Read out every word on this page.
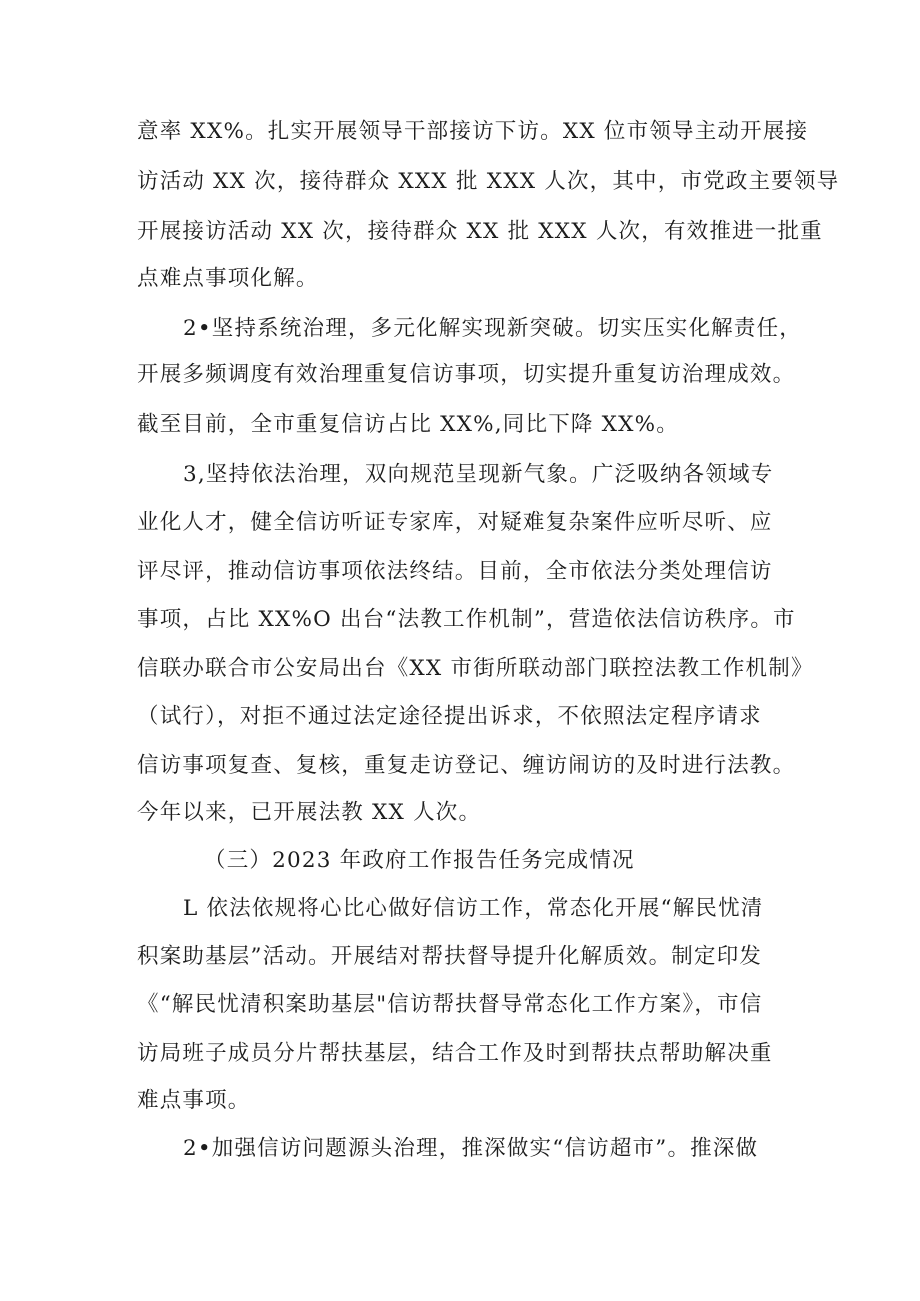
意率 XX%。扎实开展领导干部接访下访。XX 位市领导主动开展接
访活动 XX 次，接待群众 XXX 批 XXX 人次，其中，市党政主要领导
开展接访活动 XX 次，接待群众 XX 批 XXX 人次，有效推进一批重
点难点事项化解。
2•坚持系统治理，多元化解实现新突破。切实压实化解责任，
开展多频调度有效治理重复信访事项，切实提升重复访治理成效。
截至目前，全市重复信访占比 XX%,同比下降 XX%。
3,坚持依法治理，双向规范呈现新气象。广泛吸纳各领域专
业化人才，健全信访听证专家库，对疑难复杂案件应听尽听、应
评尽评，推动信访事项依法终结。目前，全市依法分类处理信访
事项，占比 XX%O 出台“法教工作机制”，营造依法信访秩序。市
信联办联合市公安局出台《XX 市街所联动部门联控法教工作机制》
（试行），对拒不通过法定途径提出诉求，不依照法定程序请求
信访事项复查、复核，重复走访登记、缠访闹访的及时进行法教。
今年以来，已开展法教 XX 人次。
（三）2023 年政府工作报告任务完成情况
L 依法依规将心比心做好信访工作，常态化开展“解民忧清
积案助基层”活动。开展结对帮扶督导提升化解质效。制定印发
《“解民忧清积案助基层"信访帮扶督导常态化工作方案》，市信
访局班子成员分片帮扶基层，结合工作及时到帮扶点帮助解决重
难点事项。
2•加强信访问题源头治理，推深做实“信访超市”。推深做
